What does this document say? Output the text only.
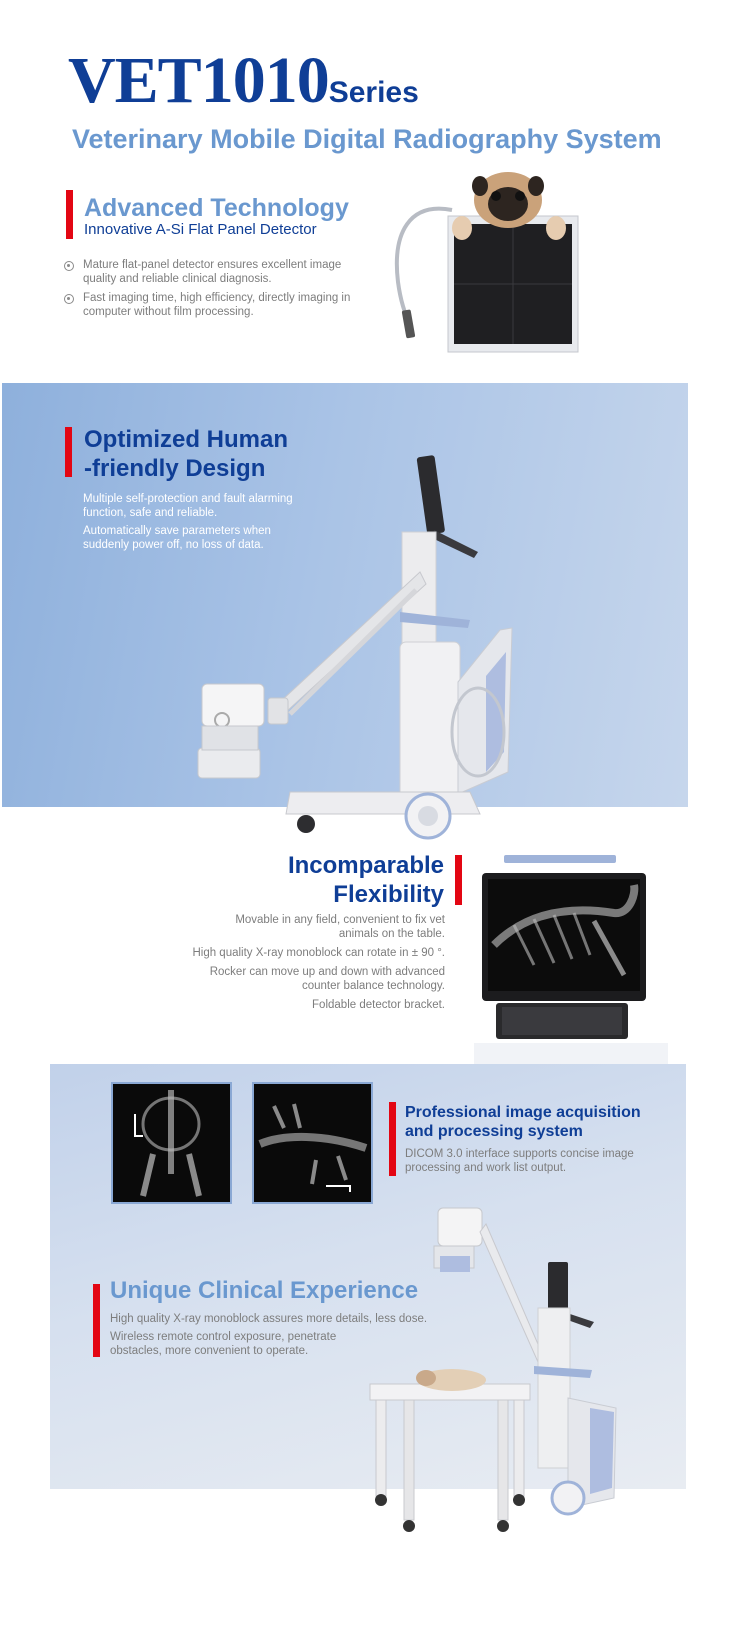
VET1010Series
Veterinary Mobile Digital Radiography System
Advanced Technology
Innovative A-Si Flat Panel Detector
Mature flat-panel detector ensures excellent image quality and reliable clinical diagnosis.
Fast imaging time, high efficiency, directly imaging in computer without film processing.
Optimized Human
-friendly Design

Multiple self-protection and fault alarming function, safe and reliable.

Automatically save parameters when suddenly power off, no loss of data.

Incomparable
Flexibility

Movable in any field, convenient to fix vet animals on the table.

High quality X-ray monoblock can rotate in ± 90 °.

Rocker can move up and down with advanced counter balance technology.

Foldable detector bracket.

Professional image acquisition
and processing system

DICOM 3.0 interface supports concise image processing and work list output.

Unique Clinical Experience

High quality X-ray monoblock assures more details, less dose.

Wireless remote control exposure, penetrate obstacles, more convenient to operate.
